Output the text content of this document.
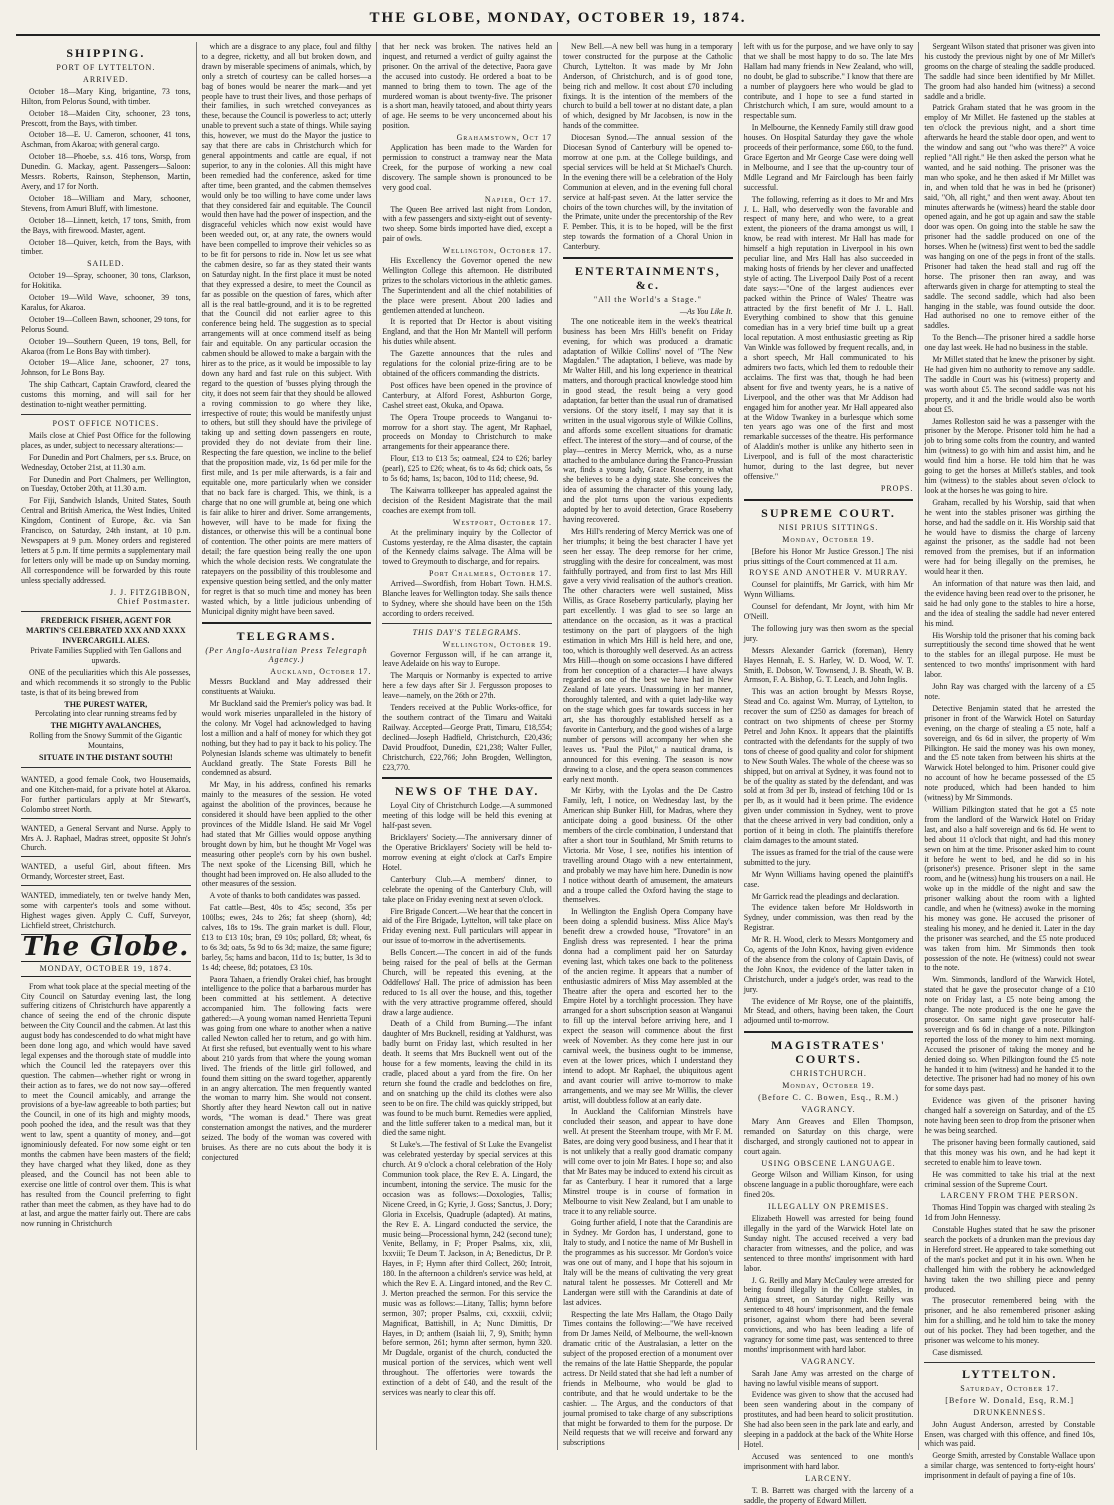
THE GLOBE, MONDAY, OCTOBER 19, 1874.
SHIPPING.
PORT OF LYTTELTON.
ARRIVED.

October 18—Mary King, brigantine, 73 tons, Hilton, from Pelorus Sound, with timber.

October 18—Maiden City, schooner, 23 tons, Prescott, from the Bays, with timber.

October 18—E. U. Cameron, schooner, 41 tons, Aschman, from Akaroa; with general cargo.

October 18—Phoebe, s.s. 416 tons, Worsp, from Dunedin. G. Mackay, agent. Passengers—Saloon: Messrs. Roberts, Rainson, Stephenson, Martin, Avery, and 17 for North.

October 18—William and Mary, schooner, Stevens, from Amuri Bluff, with limestone.

October 18—Linnett, ketch, 17 tons, Smith, from the Bays, with firewood. Master, agent.

October 18—Quiver, ketch, from the Bays, with timber.

SAILED.

October 19—Spray, schooner, 30 tons, Clarkson, for Hokitika.

October 19—Wild Wave, schooner, 39 tons, Karalus, for Akaroa.

October 19—Colleen Bawn, schooner, 29 tons, for Pelorus Sound.

October 19—Southern Queen, 19 tons, Bell, for Akaroa (from Le Bons Bay with timber).

October 19—Alice Jane, schooner, 27 tons, Johnson, for Le Bons Bay.

The ship Cathcart, Captain Crawford, cleared the customs this morning, and will sail for her destination to-night weather permitting.

POST OFFICE NOTICES.

Mails close at Chief Post Office for the following places, as under, subject to necessary alterations:—

For Dunedin and Port Chalmers, per s.s. Bruce, on Wednesday, October 21st, at 11.30 a.m.

For Dunedin and Port Chalmers, per Wellington, on Tuesday, October 20th, at 11.30 a.m.

For Fiji, Sandwich Islands, United States, South Central and British America, the West Indies, United Kingdom, Continent of Europe, &c. via San Francisco, on Saturday, 24th instant, at 10 p.m. Newspapers at 9 p.m. Money orders and registered letters at 5 p.m. If time permits a supplementary mail for letters only will be made up on Sunday morning. All correspondence will be forwarded by this route unless specially addressed.

J. J. FITZGIBBON,
Chief Postmaster.
FREDERICK FISHER, AGENT FOR MARTIN'S CELEBRATED XXX AND XXXX INVERCARGILL ALES.

Private Families Supplied with Ten Gallons and upwards.

ONE of the peculiarities which this Ale possesses, and which recommends it so strongly to the Public taste, is that of its being brewed from

THE PUREST WATER,

Percolating into clear running streams fed by

THE MIGHTY AVALANCHES,

Rolling from the Snowy Summit of the Gigantic Mountains,

SITUATE IN THE DISTANT SOUTH!

WANTED, a good female Cook, two Housemaids, and one Kitchen-maid, for a private hotel at Akaroa. For further particulars apply at Mr Stewart's, Colombo street North.

WANTED, a General Servant and Nurse. Apply to Mrs A. J. Raphael, Madras street, opposite St John's Church.

WANTED, a useful Girl, about fifteen. Mrs Ormandy, Worcester street, East.

WANTED, immediately, ten or twelve handy Men, some with carpenter's tools and some without. Highest wages given. Apply C. Cuff, Surveyor, Lichfield street, Christchurch.

The Globe.
MONDAY, OCTOBER 19, 1874.

From what took place at the special meeting of the City Council on Saturday evening last, the long suffering citizens of Christchurch have apparently a chance of seeing the end of the chronic dispute between the City Council and the cabmen. At last this august body has condescended to do what might have been done long ago, and which would have saved legal expenses and the thorough state of muddle into which the Council led the ratepayers over this question. The cabmen—whether right or wrong in their action as to fares, we do not now say—offered to meet the Council amicably, and arrange the provisions of a bye-law agreeable to both parties; but the Council, in one of its high and mighty moods, pooh poohed the idea, and the result was that they went to law, spent a quantity of money, and—got ignominiously defeated. For now some eight or ten months the cabmen have been masters of the field; they have charged what they liked, done as they pleased, and the Council has not been able to exercise one little of control over them. This is what has resulted from the Council preferring to fight rather than meet the cabmen, as they have had to do at last, and argue the matter fairly out. There are cabs now running in Christchurch

which are a disgrace to any place, foul and filthy to a degree, ricketty, and all but broken down, and drawn by miserable specimens of animals, which, by only a stretch of courtesy can be called horses—a bag of bones would be nearer the mark—and yet people have to trust their lives, and those perhaps of their families, in such wretched conveyances as these, because the Council is powerless to act; utterly unable to prevent such a state of things. While saying this, however, we must do the Mayor the justice to say that there are cabs in Christchurch which for general appointments and cattle are equal, if not superior, to any in the colonies. All this might have been remedied had the conference, asked for time after time, been granted, and the cabmen themselves would only be too willing to have come under laws that they considered fair and equitable. The Council would then have had the power of inspection, and the disgraceful vehicles which now exist would have been weeded out, or, at any rate, the owners would have been compelled to improve their vehicles so as to be fit for persons to ride in. Now let us see what the cabmen desire, so far as they stated their wants on Saturday night. In the first place it must be noted that they expressed a desire, to meet the Council as far as possible on the question of fares, which after all is the real battle-ground, and it is to be regretted that the Council did not earlier agree to this conference being held. The suggestion as to special arrangements will at once commend itself as being fair and equitable. On any particular occasion the cabmen should be allowed to make a bargain with the hirer as to the price, as it would be impossible to lay down any hard and fast rule on this subject. With regard to the question of 'busses plying through the city, it does not seem fair that they should be allowed a roving commission to go where they like, irrespective of route; this would be manifestly unjust to others, but still they should have the privilege of taking up and setting down passengers en route, provided they do not deviate from their line. Respecting the fare question, we incline to the belief that the proposition made, viz, 1s 6d per mile for the first mile, and 1s per mile afterwards, is a fair and equitable one, more particularly when we consider that no back fare is charged. This, we think, is a charge that no one will grumble at, being one which is fair alike to hirer and driver. Some arrangements, however, will have to be made for fixing the distances, or otherwise this will be a continual bone of contention. The other points are mere matters of detail; the fare question being really the one upon which the whole decision rests. We congratulate the ratepayers on the possibility of this troublesome and expensive question being settled, and the only matter for regret is that so much time and money has been wasted which, by a little judicious unbending of Municipal dignity might have been saved.

TELEGRAMS.
(Per Anglo-Australian Press Telegraph Agency.)
Auckland, October 17.

Messrs Buckland and May addressed their constituents at Waiuku.

Mr Buckland said the Premier's policy was bad. It would work miseries unparalleled in the history of the colony. Mr Vogel had acknowledged to having lost a million and a half of money for which they got nothing, but they had to pay it back to his policy. The Polynesian Islands scheme was ultimately to benefit Auckland greatly. The State Forests Bill he condemned as absurd.

Mr May, in his address, confined his remarks mainly to the measures of the session. He voted against the abolition of the provinces, because he considered it should have been applied to the other provinces of the Middle Island. He said Mr Vogel had stated that Mr Gillies would oppose anything brought down by him, but he thought Mr Vogel was measuring other people's corn by his own bushel. The next spoke of the Licensing Bill, which he thought had been improved on. He also alluded to the other measures of the session.

A vote of thanks to both candidates was passed.

Fat cattle—Best, 40s to 45s; second, 35s per 100lbs; ewes, 24s to 26s; fat sheep (shorn), 4d; calves, 18s to 19s. The grain market is dull. Flour, £13 to £13 10s; bran, £9 10s; pollard, £8; wheat, 6s to 6s 3d; oats, 5s 9d to 6s 3d; maize, the same figure; barley, 5s; hams and bacon, 11d to 1s; butter, 1s 3d to 1s 4d; cheese, 8d; potatoes, £3 10s.

Paora Tahaen, a friendly Orakei chief, has brought intelligence to the police that a barbarous murder has been committed at his settlement. A detective accompanied him. The following facts were gathered:—A young woman named Henrietta Tepuni was going from one whare to another when a native called Newton called her to return, and go with him. At first she refused, but eventually went to his whare about 210 yards from that where the young woman lived. The friends of the little girl followed, and found them sitting on the sward together, apparently in an angry altercation. The men frequently wanted the woman to marry him. She would not consent. Shortly after they heard Newton call out in native words, "The woman is dead." There was great consternation amongst the natives, and the murderer seized. The body of the woman was covered with bruises. As there are no cuts about the body it is conjectured

that her neck was broken. The natives held an inquest, and returned a verdict of guilty against the prisoner. On the arrival of the detective, Paora gave the accused into custody. He ordered a boat to be manned to bring them to town. The age of the murdered woman is about twenty-five. The prisoner is a short man, heavily tatooed, and about thirty years of age. He seems to be very unconcerned about his position.

Grahamstown, Oct 17

Application has been made to the Warden for permission to construct a tramway near the Mata Creek, for the purpose of working a new coal discovery. The sample shown is pronounced to be very good coal.

Napier, Oct 17.

The Queen Bee arrived last night from London, with a few passengers and sixty-eight out of seventy-two sheep. Some birds imported have died, except a pair of owls.

Wellington, October 17.

His Excellency the Governor opened the new Wellington College this afternoon. He distributed prizes to the scholars victorious in the athletic games. The Superintendent and all the chief notabilities of the place were present. About 200 ladies and gentlemen attended at luncheon.

It is reported that Dr Hector is about visiting England, and that the Hon Mr Mantell will perform his duties while absent.

The Gazette announces that the rules and regulations for the colonial prize-firing are to be obtained of the officers commanding the districts.

Post offices have been opened in the province of Canterbury, at Alford Forest, Ashburton Gorge, Cashel street east, Okuka, and Opawa.

The Opera Troupe proceeds to Wanganui to-morrow for a short stay. The agent, Mr Raphael, proceeds on Monday to Christchurch to make arrangements for their appearance there.

Flour, £13 to £13 5s; oatmeal, £24 to £26; barley (pearl), £25 to £26; wheat, 6s to 4s 6d; chick oats, 5s to 5s 6d; hams, 1s; bacon, 10d to 11d; cheese, 9d.

The Kaiwarra tollkeeper has appealed against the decision of the Resident Magistrate that the mail coaches are exempt from toll.

Westport, October 17.

At the preliminary inquiry by the Collector of Customs yesterday, re the Alma disaster, the captain of the Kennedy claims salvage. The Alma will be towed to Greymouth to discharge, and for repairs.

Port Chalmers, October 17.

Arrived—Swordfish, from Hobart Town. H.M.S. Blanche leaves for Wellington today. She sails thence to Sydney, where she should have been on the 15th according to orders received.

THIS DAY'S TELEGRAMS.
Wellington, October 19.

Governor Fergusson will, if he can arrange it, leave Adelaide on his way to Europe.

The Marquis or Normanby is expected to arrive here a few days after Sir J. Fergusson proposes to leave—namely, on the 26th or 27th.

Tenders received at the Public Works-office, for the southern contract of the Timaru and Waitaki Railway. Accepted—George Pratt, Timaru, £18,554; declined—Joseph Hadfield, Christchurch, £20,436; David Proudfoot, Dunedin, £21,238; Walter Fuller, Christchurch, £22,766; John Brogden, Wellington, £23,770.

NEWS OF THE DAY.

Loyal City of Christchurch Lodge.—A summoned meeting of this lodge will be held this evening at half-past seven.

Bricklayers' Society.—The anniversary dinner of the Operative Bricklayers' Society will be held to-morrow evening at eight o'clock at Carl's Empire Hotel.

Canterbury Club.—A members' dinner, to celebrate the opening of the Canterbury Club, will take place on Friday evening next at seven o'clock.

Fire Brigade Concert.—We hear that the concert in aid of the Fire Brigade, Lyttelton, will take place on Friday evening next. Full particulars will appear in our issue of to-morrow in the advertisements.

Bells Concert.—The concert in aid of the funds being raised for the peal of bells at the German Church, will be repeated this evening, at the Oddfellows' Hall. The price of admission has been reduced to 1s all over the house, and this, together with the very attractive programme offered, should draw a large audience.

Death of a Child from Burning.—The infant daughter of Mrs Bucknell, residing at Yaldhurst, was badly burnt on Friday last, which resulted in her death. It seems that Mrs Bucknell went out of the house for a few moments, leaving the child in its cradle, placed about a yard from the fire. On her return she found the cradle and bedclothes on fire, and on snatching up the child its clothes were also seen to be on fire. The child was quickly stripped, but was found to be much burnt. Remedies were applied, and the little sufferer taken to a medical man, but it died the same night.

St Luke's.—The festival of St Luke the Evangelist was celebrated yesterday by special services at this church. At 9 o'clock a choral celebration of the Holy Communion took place, the Rev E. A. Lingard, the incumbent, intoning the service. The music for the occasion was as follows:—Doxologies, Tallis; Nicene Creed, in G; Kyrie, J. Goss; Sanctus, J. Dory; Gloria in Excelsis, Quadruple (adapted). At matins, the Rev E. A. Lingard conducted the service, the music being—Processional hymn, 242 (second tune); Venite, Bellamy, in F; Proper Psalms, xix, xlii, lxxviii; Te Deum T. Jackson, in A; Benedictus, Dr P. Hayes, in F; Hymn after third Collect, 260; Introit, 180. In the afternoon a children's service was held, at which the Rev E. A. Lingard intoned, and the Rev C. J. Merton preached the sermon. For this service the music was as follows:—Litany, Tallis; hymn before sermon, 307; proper Psalms, cxi, cxxxiii, cxlvii; Magnificat, Battishill, in A; Nunc Dimittis, Dr Hayes, in D; anthem (Isaiah lii, 7, 9), Smith; hymn before sermon, 261; hymn after sermon, hymn 320. Mr Dugdale, organist of the church, conducted the musical portion of the services, which went well throughout. The offertories were towards the extinction of a debt of £40, and the result of the services was nearly to clear this off.

New Bell.—A new bell was hung in a temporary tower constructed for the purpose at the Catholic Church, Lyttelton. It was made by Mr John Anderson, of Christchurch, and is of good tone, being rich and mellow. It cost about £70 including fixings. It is the intention of the members of the church to build a bell tower at no distant date, a plan of which, designed by Mr Jacobsen, is now in the hands of the committee.

Diocesan Synod.—The annual session of the Diocesan Synod of Canterbury will be opened to-morrow at one p.m. at the College buildings, and special services will be held at St Michael's Church. In the evening there will be a celebration of the Holy Communion at eleven, and in the evening full choral service at half-past seven. At the latter service the choirs of the town churches will, by the invitation of the Primate, unite under the precentorship of the Rev F. Pember. This, it is to be hoped, will be the first step towards the formation of a Choral Union in Canterbury.

ENTERTAINMENTS, &c.
"All the World's a Stage."
—As You Like It.

The one noticeable item in the week's theatrical business has been Mrs Hill's benefit on Friday evening, for which was produced a dramatic adaptation of Wilkie Collins' novel of "The New Magdalen." The adaptation, I believe, was made by Mr Walter Hill, and his long experience in theatrical matters, and thorough practical knowledge stood him in good stead, the result being a very good adaptation, far better than the usual run of dramatised versions. Of the story itself, I may say that it is written in the usual vigorous style of Wilkie Collins, and affords some excellent situations for dramatic effect. The interest of the story—and of course, of the play—centres in Mercy Merrick, who, as a nurse attached to the ambulance during the Franco-Prussian war, finds a young lady, Grace Roseberry, in what she believes to be a dying state. She conceives the idea of assuming the character of this young lady, and the plot turns upon the various expedients adopted by her to avoid detection, Grace Roseberry having recovered.

Mrs Hill's rendering of Mercy Merrick was one of her triumphs; it being the best character I have yet seen her essay. The deep remorse for her crime, struggling with the desire for concealment, was most faithfully portrayed, and from first to last Mrs Hill gave a very vivid realisation of the author's creation. The other characters were well sustained, Miss Willis, as Grace Roseberry particularly, playing her part excellently. I was glad to see so large an attendance on the occasion, as it was a practical testimony on the part of playgoers of the high estimation in which Mrs Hill is held here, and one, too, which is thoroughly well deserved. As an actress Mrs Hill—though on some occasions I have differed from her conception of a character—I have always regarded as one of the best we have had in New Zealand of late years. Unassuming in her manner, thoroughly talented, and with a quiet lady-like way on the stage which goes far towards success in her art, she has thoroughly established herself as a favorite in Canterbury, and the good wishes of a large number of persons will accompany her when she leaves us. "Paul the Pilot," a nautical drama, is announced for this evening. The season is now drawing to a close, and the opera season commences early next month.

Mr Kirby, with the Lyolas and the De Castro Family, left, I notice, on Wednesday last, by the American ship Bunker Hill, for Madras, where they anticipate doing a good business. Of the other members of the circle combination, I understand that after a short tour in Southland, Mr Smith returns to Victoria. Mr Vose, I see, notifies his intention of travelling around Otago with a new entertainment, and probably we may have him here. Dunedin is now I notice without dearth of amusement, the amateurs and a troupe called the Oxford having the stage to themselves.

In Wellington the English Opera Company have been doing a splendid business. Miss Alice May's benefit drew a crowded house, "Trovatore" in an English dress was represented. I hear the prima donna had a compliment paid her on Saturday evening last, which takes one back to the politeness of the ancien regime. It appears that a number of enthusiastic admirers of Miss May assembled at the Theatre after the opera and escorted her to the Empire Hotel by a torchlight procession. They have arranged for a short subscription season at Wanganui to fill up the interval before arriving here, and I expect the season will commence about the first week of November. As they come here just in our carnival week, the business ought to be immense, even at the lower prices, which I understand they intend to adopt. Mr Raphael, the ubiquitous agent and avant courier will arrive to-morrow to make arrangements, and we may see Mr Willis, the clever artist, will doubtless follow at an early date.

In Auckland the Californian Minstrels have concluded their season, and appear to have done well. At present the Steenham troupe, with Mr F. M. Bates, are doing very good business, and I hear that it is not unlikely that a really good dramatic company will come over to join Mr Bates. I hope so; and also that Mr Bates may be induced to extend his circuit as far as Canterbury. I hear it rumored that a large Minstrel troupe is in course of formation in Melbourne to visit New Zealand, but I am unable to trace it to any reliable source.

Going further afield, I note that the Carandinis are in Sydney. Mr Gordon has, I understand, gone to Italy to study, and I notice the name of Mr Bushell in the programmes as his successor. Mr Gordon's voice was one out of many, and I hope that his sojourn in Italy will be the means of cultivating the very great natural talent he possesses. Mr Cotterell and Mr Landergan were still with the Carandinis at date of last advices.

Respecting the late Mrs Hallam, the Otago Daily Times contains the following:—"We have received from Dr James Neild, of Melbourne, the well-known dramatic critic of the Australasian, a letter on the subject of the proposed erection of a monument over the remains of the late Hattie Shepparde, the popular actress. Dr Neild stated that she had left a number of friends in Melbourne, who would be glad to contribute, and that he would undertake to be the cashier. ... The Argus, and the conductors of that journal promised to take charge of any subscriptions that might be forwarded to them for the purpose. Dr Neild requests that we will receive and forward any subscriptions

left with us for the purpose, and we have only to say that we shall be most happy to do so. The late Mrs Hallam had many friends in New Zealand, who will, no doubt, be glad to subscribe." I know that there are a number of playgoers here who would be glad to contribute, and I hope to see a fund started in Christchurch which, I am sure, would amount to a respectable sum.

In Melbourne, the Kennedy Family still draw good houses. On Hospital Saturday they gave the whole proceeds of their performance, some £60, to the fund. Grace Egerton and Mr George Case were doing well in Melbourne, and I see that the up-country tour of Mdlle Legrand and Mr Fairclough has been fairly successful.

The following, referring as it does to Mr and Mrs J. L. Hall, who deservedly won the favorable and respect of many here, and who were, to a great extent, the pioneers of the drama amongst us will, I know, be read with interest. Mr Hall has made for himself a high reputation in Liverpool in his own peculiar line, and Mrs Hall has also succeeded in making hosts of friends by her clever and unaffected style of acting. The Liverpool Daily Post of a recent date says:—"One of the largest audiences ever packed within the Prince of Wales' Theatre was attracted by the first benefit of Mr J. L. Hall. Everything combined to show that this genuine comedian has in a very brief time built up a great local reputation. A most enthusiastic greeting as Rip Van Winkle was followed by frequent recalls, and, in a short speech, Mr Hall communicated to his admirers two facts, which led them to redouble their acclaims. The first was that, though he had been absent for five and twenty years, he is a native of Liverpool, and the other was that Mr Addison had engaged him for another year. Mr Hall appeared also at the Widow Twankey in a burlesque which some ten years ago was one of the first and most remarkable successes of the theatre. His performance of Aladdin's mother is unlike any hitherto seen in Liverpool, and is full of the most characteristic humor, during to the last degree, but never offensive."

PROPS.
SUPREME COURT.
NISI PRIUS SITTINGS.
Monday, October 19.

[Before his Honor Mr Justice Gresson.] The nisi prius sittings of the Court commenced at 11 a.m.

ROYSE AND ANOTHER V. MURRAY.

Counsel for plaintiffs, Mr Garrick, with him Mr Wynn Williams.

Counsel for defendant, Mr Joynt, with him Mr O'Neill.

The following jury was then sworn as the special jury.

Messrs Alexander Garrick (foreman), Henry Hayes Hennah, E. S. Harley, W. D. Wood, W. T. Smith, E. Dobson, W. Townsend, J. B. Sheath, W. B. Armson, F. A. Bishop, G. T. Leach, and John Inglis.

This was an action brought by Messrs Royse, Stead and Co. against Wm. Murray, of Lyttelton, to recover the sum of £250 as damages for breach of contract on two shipments of cheese per Stormy Petrel and John Knox. It appears that the plaintiffs contracted with the defendants for the supply of two tons of cheese of good quality and color for shipment to New South Wales. The whole of the cheese was so shipped, but on arrival at Sydney, it was found not to be of the quality as stated by the defendant, and was sold at from 3d per lb, instead of fetching 10d or 1s per lb, as it would had it been prime. The evidence given under commission in Sydney, went to prove that the cheese arrived in very bad condition, only a portion of it being in cloth. The plaintiffs therefore claim damages to the amount stated.

The issues as framed for the trial of the cause were submitted to the jury.

Mr Wynn Williams having opened the plaintiff's case.

Mr Garrick read the pleadings and declaration.

The evidence taken before Mr Holdsworth in Sydney, under commission, was then read by the Registrar.

Mr R. H. Wood, clerk to Messrs Montgomery and Co, agents of the John Knox, having given evidence of the absence from the colony of Captain Davis, of the John Knox, the evidence of the latter taken in Christchurch, under a judge's order, was read to the jury.

The evidence of Mr Royse, one of the plaintiffs, Mr Stead, and others, having been taken, the Court adjourned until to-morrow.

MAGISTRATES' COURTS.
CHRISTCHURCH.
Monday, October 19.
(Before C. C. Bowen, Esq., R.M.)
VAGRANCY.

Mary Ann Greaves and Ellen Thompson, remanded on Saturday on this charge, were discharged, and strongly cautioned not to appear in court again.

USING OBSCENE LANGUAGE.

George Wilson and William Kinson, for using obscene language in a public thoroughfare, were each fined 20s.

ILLEGALLY ON PREMISES.

Elizabeth Howell was arrested for being found illegally in the yard of the Warwick Hotel late on Sunday night. The accused received a very bad character from witnesses, and the police, and was sentenced to three months' imprisonment with hard labor.

J. G. Reilly and Mary McCauley were arrested for being found illegally in the College stables, in Antigua street, on Saturday night. Reilly was sentenced to 48 hours' imprisonment, and the female prisoner, against whom there had been several convictions, and who has been leading a life of vagrancy for some time past, was sentenced to three months' imprisonment with hard labor.

VAGRANCY.

Sarah Jane Amy was arrested on the charge of having no lawful visible means of support.

Evidence was given to show that the accused had been seen wandering about in the company of prostitutes, and had been heard to solicit prostitution. She had also been seen in the park late and early, and sleeping in a paddock at the back of the White Horse Hotel.

Accused was sentenced to one month's imprisonment with hard labor.

LARCENY.

T. B. Barrett was charged with the larceny of a saddle, the property of Edward Millett.

Sergeant Wilson stated that prisoner was given into his custody the previous night by one of Mr Millet's grooms on the charge of stealing the saddle produced. The saddle had since been identified by Mr Millet. The groom had also handed him (witness) a second saddle and a bridle.

Patrick Graham stated that he was groom in the employ of Mr Millet. He fastened up the stables at ten o'clock the previous night, and a short time afterwards he heard the stable door open, and went to the window and sang out "who was there?" A voice replied "All right." He then asked the person what he wanted, and he said nothing. The prisoner was the man who spoke, and he then asked if Mr Millet was in, and when told that he was in bed he (prisoner) said, "Oh, all right," and then went away. About ten minutes afterwards he (witness) heard the stable door opened again, and he got up again and saw the stable door was open. On going into the stable he saw the prisoner had the saddle produced on one of the horses. When he (witness) first went to bed the saddle was hanging on one of the pegs in front of the stalls. Prisoner had taken the head stall and rug off the horse. The prisoner then ran away, and was afterwards given in charge for attempting to steal the saddle. The second saddle, which had also been hanging in the stable, was found outside the door. Had authorised no one to remove either of the saddles.

To the Bench—The prisoner hired a saddle horse one day last week. He had no business in the stable.

Mr Millet stated that he knew the prisoner by sight. He had given him no authority to remove any saddle. The saddle in Court was his (witness) property and was worth about £5. The second saddle was not his property, and it and the bridle would also be worth about £5.

James Rolleston said he was a passenger with the prisoner by the Merope. Prisoner told him he had a job to bring some colts from the country, and wanted him (witness) to go with him and assist him, and he would find him a horse. He told him that he was going to get the horses at Millet's stables, and took him (witness) to the stables about seven o'clock to look at the horses he was going to hire.

Graham, recalled by his Worship, said that when he went into the stables prisoner was girthing the horse, and had the saddle on it. His Worship said that he would have to dismiss the charge of larceny against the prisoner, as the saddle had not been removed from the premises, but if an information were had for being illegally on the premises, he would hear it then.

An information of that nature was then laid, and the evidence having been read over to the prisoner, he said he had only gone to the stables to hire a horse, and the idea of stealing the saddle had never entered his mind.

His Worship told the prisoner that his coming back surreptitiously the second time showed that he went to the stables for an illegal purpose. He must be sentenced to two months' imprisonment with hard labor.

John Ray was charged with the larceny of a £5 note.

Detective Benjamin stated that he arrested the prisoner in front of the Warwick Hotel on Saturday evening, on the charge of stealing a £5 note, half a sovereign, and 6s 6d in silver, the property of Wm Pilkington. He said the money was his own money, and the £5 note taken from between his shirts at the Warwick Hotel belonged to him. Prisoner could give no account of how he became possessed of the £5 note produced, which had been handed to him (witness) by Mr Simmonds.

William Pilkington stated that he got a £5 note from the landlord of the Warwick Hotel on Friday last, and also a half sovereign and 6s 6d. He went to bed about 11 o'clock that night, and had this money sewn on him at the time. Prisoner asked him to count it before he went to bed, and he did so in his (prisoner's) presence. Prisoner slept in the same room, and he (witness) hung his trousers on a nail. He woke up in the middle of the night and saw the prisoner walking about the room with a lighted candle, and when he (witness) awoke in the morning his money was gone. He accused the prisoner of stealing his money, and he denied it. Later in the day the prisoner was searched, and the £5 note produced was taken from him. Mr Simmonds then took possession of the note. He (witness) could not swear to the note.

Wm. Simmonds, landlord of the Warwick Hotel, stated that he gave the prosecutor change of a £10 note on Friday last, a £5 note being among the change. The note produced is the one he gave the prosecutor. On same night gave prosecutor half-sovereign and 6s 6d in change of a note. Pilkington reported the loss of the money to him next morning. Accused the prisoner of taking the money and he denied doing so. When Pilkington found the £5 note he handed it to him (witness) and he handed it to the detective. The prisoner had had no money of his own for some days past.

Evidence was given of the prisoner having changed half a sovereign on Saturday, and of the £5 note having been seen to drop from the prisoner when he was being searched.

The prisoner having been formally cautioned, said that this money was his own, and he had kept it secreted to enable him to leave town.

He was committed to take his trial at the next criminal session of the Supreme Court.

LARCENY FROM THE PERSON.

Thomas Hind Toppin was charged with stealing 2s 1d from John Hennessy.

Constable Hughes stated that he saw the prisoner search the pockets of a drunken man the previous day in Hereford street. He appeared to take something out of the man's pocket and put it in his own. When he challenged him with the robbery he acknowledged having taken the two shilling piece and penny produced.

The prosecutor remembered being with the prisoner, and he also remembered prisoner asking him for a shilling, and he told him to take the money out of his pocket. They had been together, and the prisoner was welcome to his money.

Case dismissed.

LYTTELTON.
Saturday, October 17.
[Before W. Donald, Esq, R.M.]
DRUNKENNESS.

John August Anderson, arrested by Constable Ensen, was charged with this offence, and fined 10s, which was paid.

George Smith, arrested by Constable Wallace upon a similar charge, was sentenced to forty-eight hours' imprisonment in default of paying a fine of 10s.
